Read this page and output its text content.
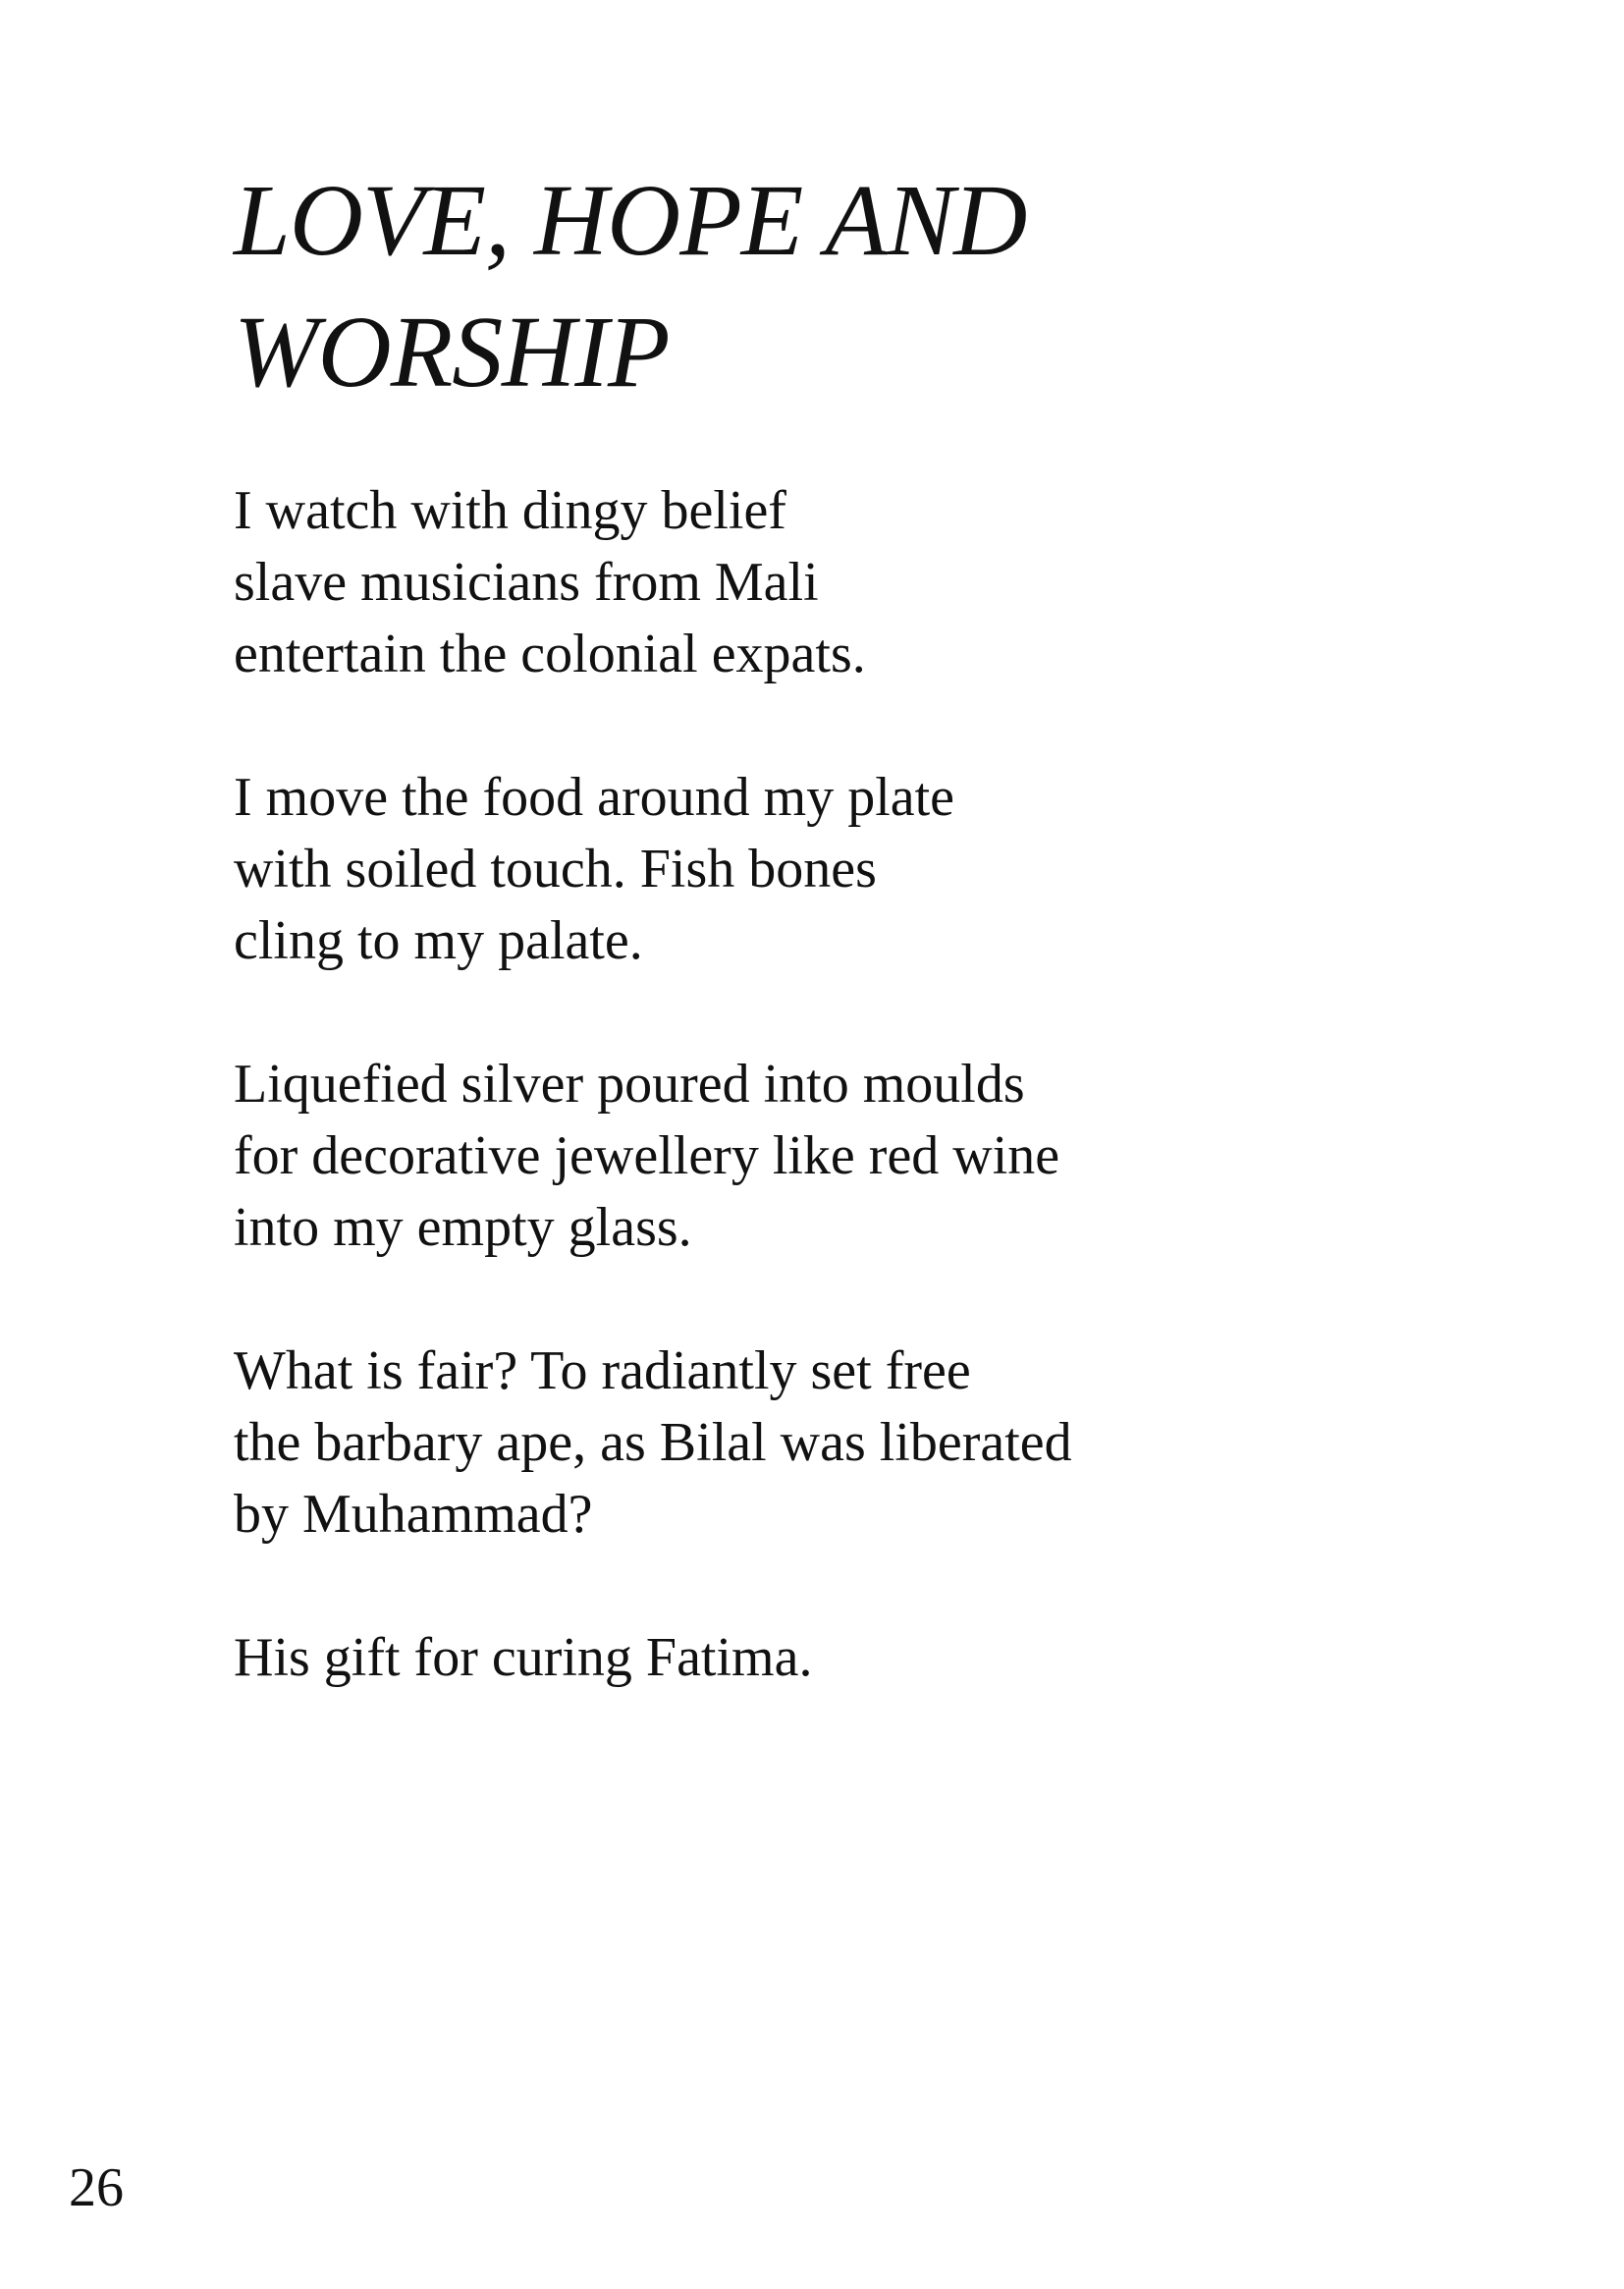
LOVE, HOPE AND
WORSHIP

I watch with dingy belief
slave musicians from Mali
entertain the colonial expats.

I move the food around my plate
with soiled touch. Fish bones
cling to my palate.

Liquefied silver poured into moulds
for decorative jewellery like red wine
into my empty glass.

What is fair? To radiantly set free
the barbary ape, as Bilal was liberated
by Muhammad?

His gift for curing Fatima.

26
